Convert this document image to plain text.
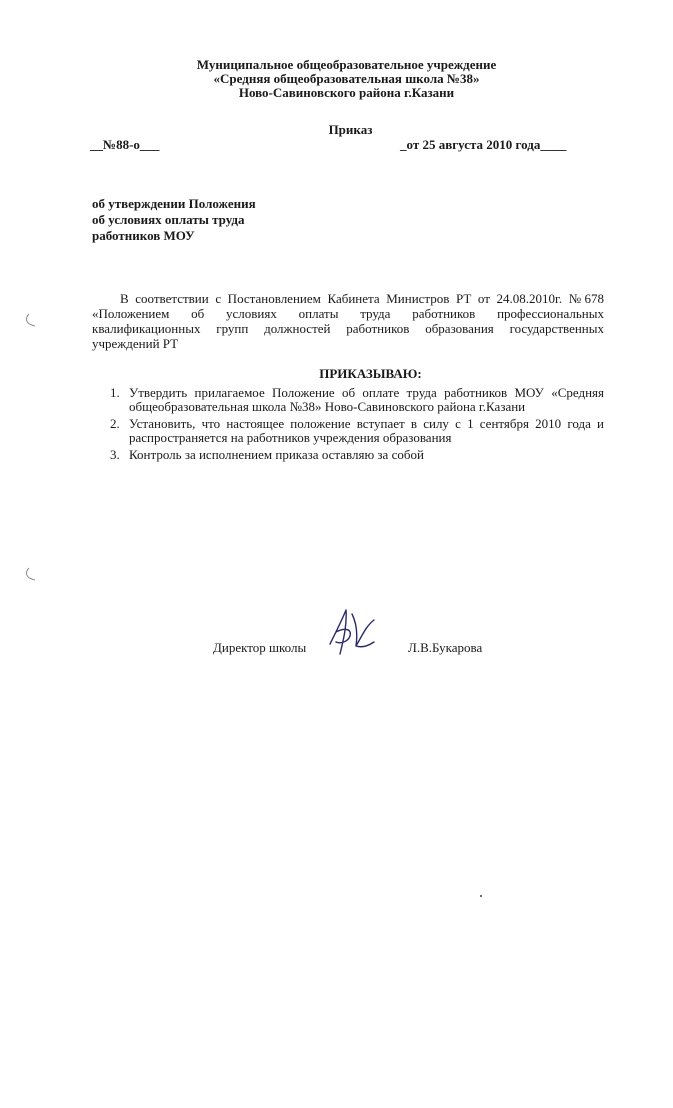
Муниципальное общеобразовательное учреждение
«Средняя общеобразовательная школа №38»
Ново-Савиновского района г.Казани
Приказ
__№88-о___	_от 25 августа 2010 года____
об утверждении Положения
об условиях оплаты труда
работников МОУ
В соответствии с Постановлением Кабинета Министров РТ от 24.08.2010г. №678 «Положением об условиях оплаты труда работников профессиональных квалификационных групп должностей работников образования государственных учреждений РТ
ПРИКАЗЫВАЮ:
1. Утвердить прилагаемое Положение об оплате труда работников МОУ «Средняя общеобразовательная школа №38» Ново-Савиновского района г.Казани
2. Установить, что настоящее положение вступает в силу с 1 сентября 2010 года и распространяется на работников учреждения образования
3. Контроль за исполнением приказа оставляю за собой
Директор школы	Л.В.Букарова
